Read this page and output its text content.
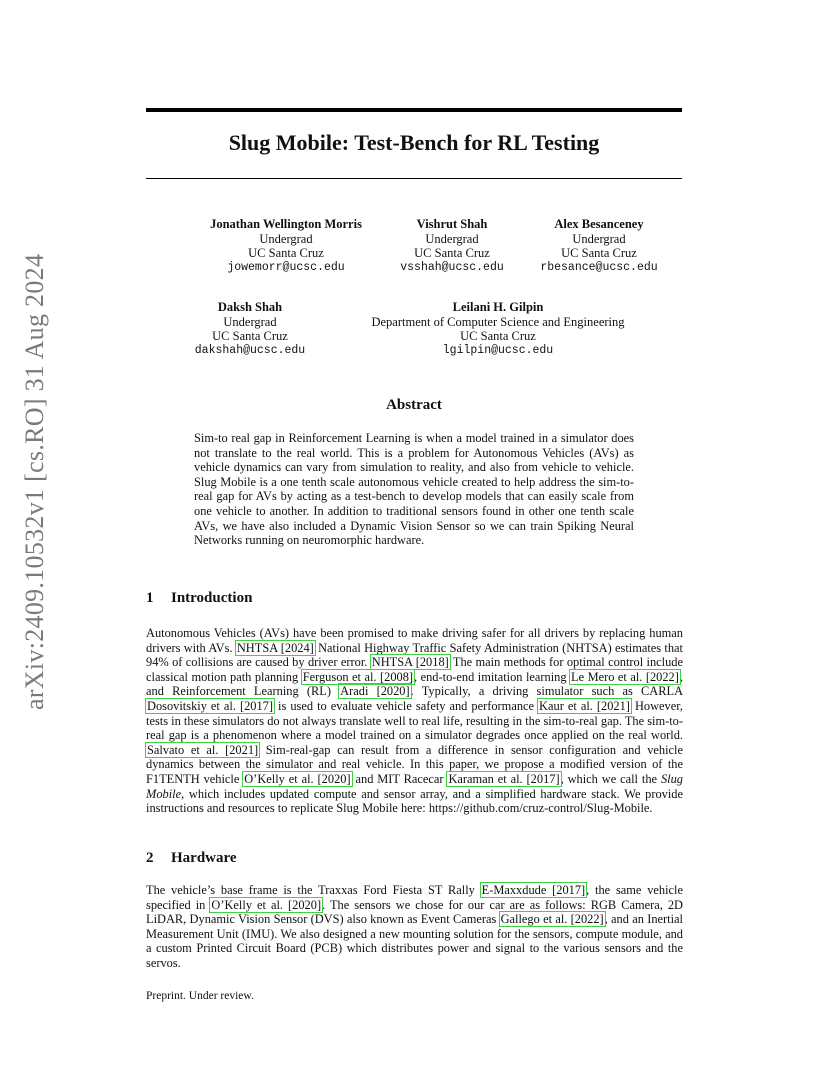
arXiv:2409.10532v1 [cs.RO] 31 Aug 2024
Slug Mobile: Test-Bench for RL Testing
Jonathan Wellington Morris
Undergrad
UC Santa Cruz
jowemorr@ucsc.edu
Vishrut Shah
Undergrad
UC Santa Cruz
vsshah@ucsc.edu
Alex Besanceney
Undergrad
UC Santa Cruz
rbesance@ucsc.edu
Daksh Shah
Undergrad
UC Santa Cruz
dakshah@ucsc.edu
Leilani H. Gilpin
Department of Computer Science and Engineering
UC Santa Cruz
lgilpin@ucsc.edu
Abstract
Sim-to real gap in Reinforcement Learning is when a model trained in a simulator does not translate to the real world. This is a problem for Autonomous Vehicles (AVs) as vehicle dynamics can vary from simulation to reality, and also from vehicle to vehicle. Slug Mobile is a one tenth scale autonomous vehicle created to help address the sim-to-real gap for AVs by acting as a test-bench to develop models that can easily scale from one vehicle to another. In addition to traditional sensors found in other one tenth scale AVs, we have also included a Dynamic Vision Sensor so we can train Spiking Neural Networks running on neuromorphic hardware.
1 Introduction
Autonomous Vehicles (AVs) have been promised to make driving safer for all drivers by replacing human drivers with AVs. NHTSA [2024] National Highway Traffic Safety Administration (NHTSA) estimates that 94% of collisions are caused by driver error. NHTSA [2018] The main methods for optimal control include classical motion path planning Ferguson et al. [2008], end-to-end imitation learning Le Mero et al. [2022], and Reinforcement Learning (RL) Aradi [2020]. Typically, a driving simulator such as CARLA Dosovitskiy et al. [2017] is used to evaluate vehicle safety and performance Kaur et al. [2021] However, tests in these simulators do not always translate well to real life, resulting in the sim-to-real gap. The sim-to-real gap is a phenomenon where a model trained on a simulator degrades once applied on the real world. Salvato et al. [2021] Sim-real-gap can result from a difference in sensor configuration and vehicle dynamics between the simulator and real vehicle. In this paper, we propose a modified version of the F1TENTH vehicle O’Kelly et al. [2020] and MIT Racecar Karaman et al. [2017], which we call the Slug Mobile, which includes updated compute and sensor array, and a simplified hardware stack. We provide instructions and resources to replicate Slug Mobile here: https://github.com/cruz-control/Slug-Mobile.
2 Hardware
The vehicle’s base frame is the Traxxas Ford Fiesta ST Rally E-Maxxdude [2017], the same vehicle specified in O’Kelly et al. [2020]. The sensors we chose for our car are as follows: RGB Camera, 2D LiDAR, Dynamic Vision Sensor (DVS) also known as Event Cameras Gallego et al. [2022], and an Inertial Measurement Unit (IMU). We also designed a new mounting solution for the sensors, compute module, and a custom Printed Circuit Board (PCB) which distributes power and signal to the various sensors and the servos.
Preprint. Under review.
